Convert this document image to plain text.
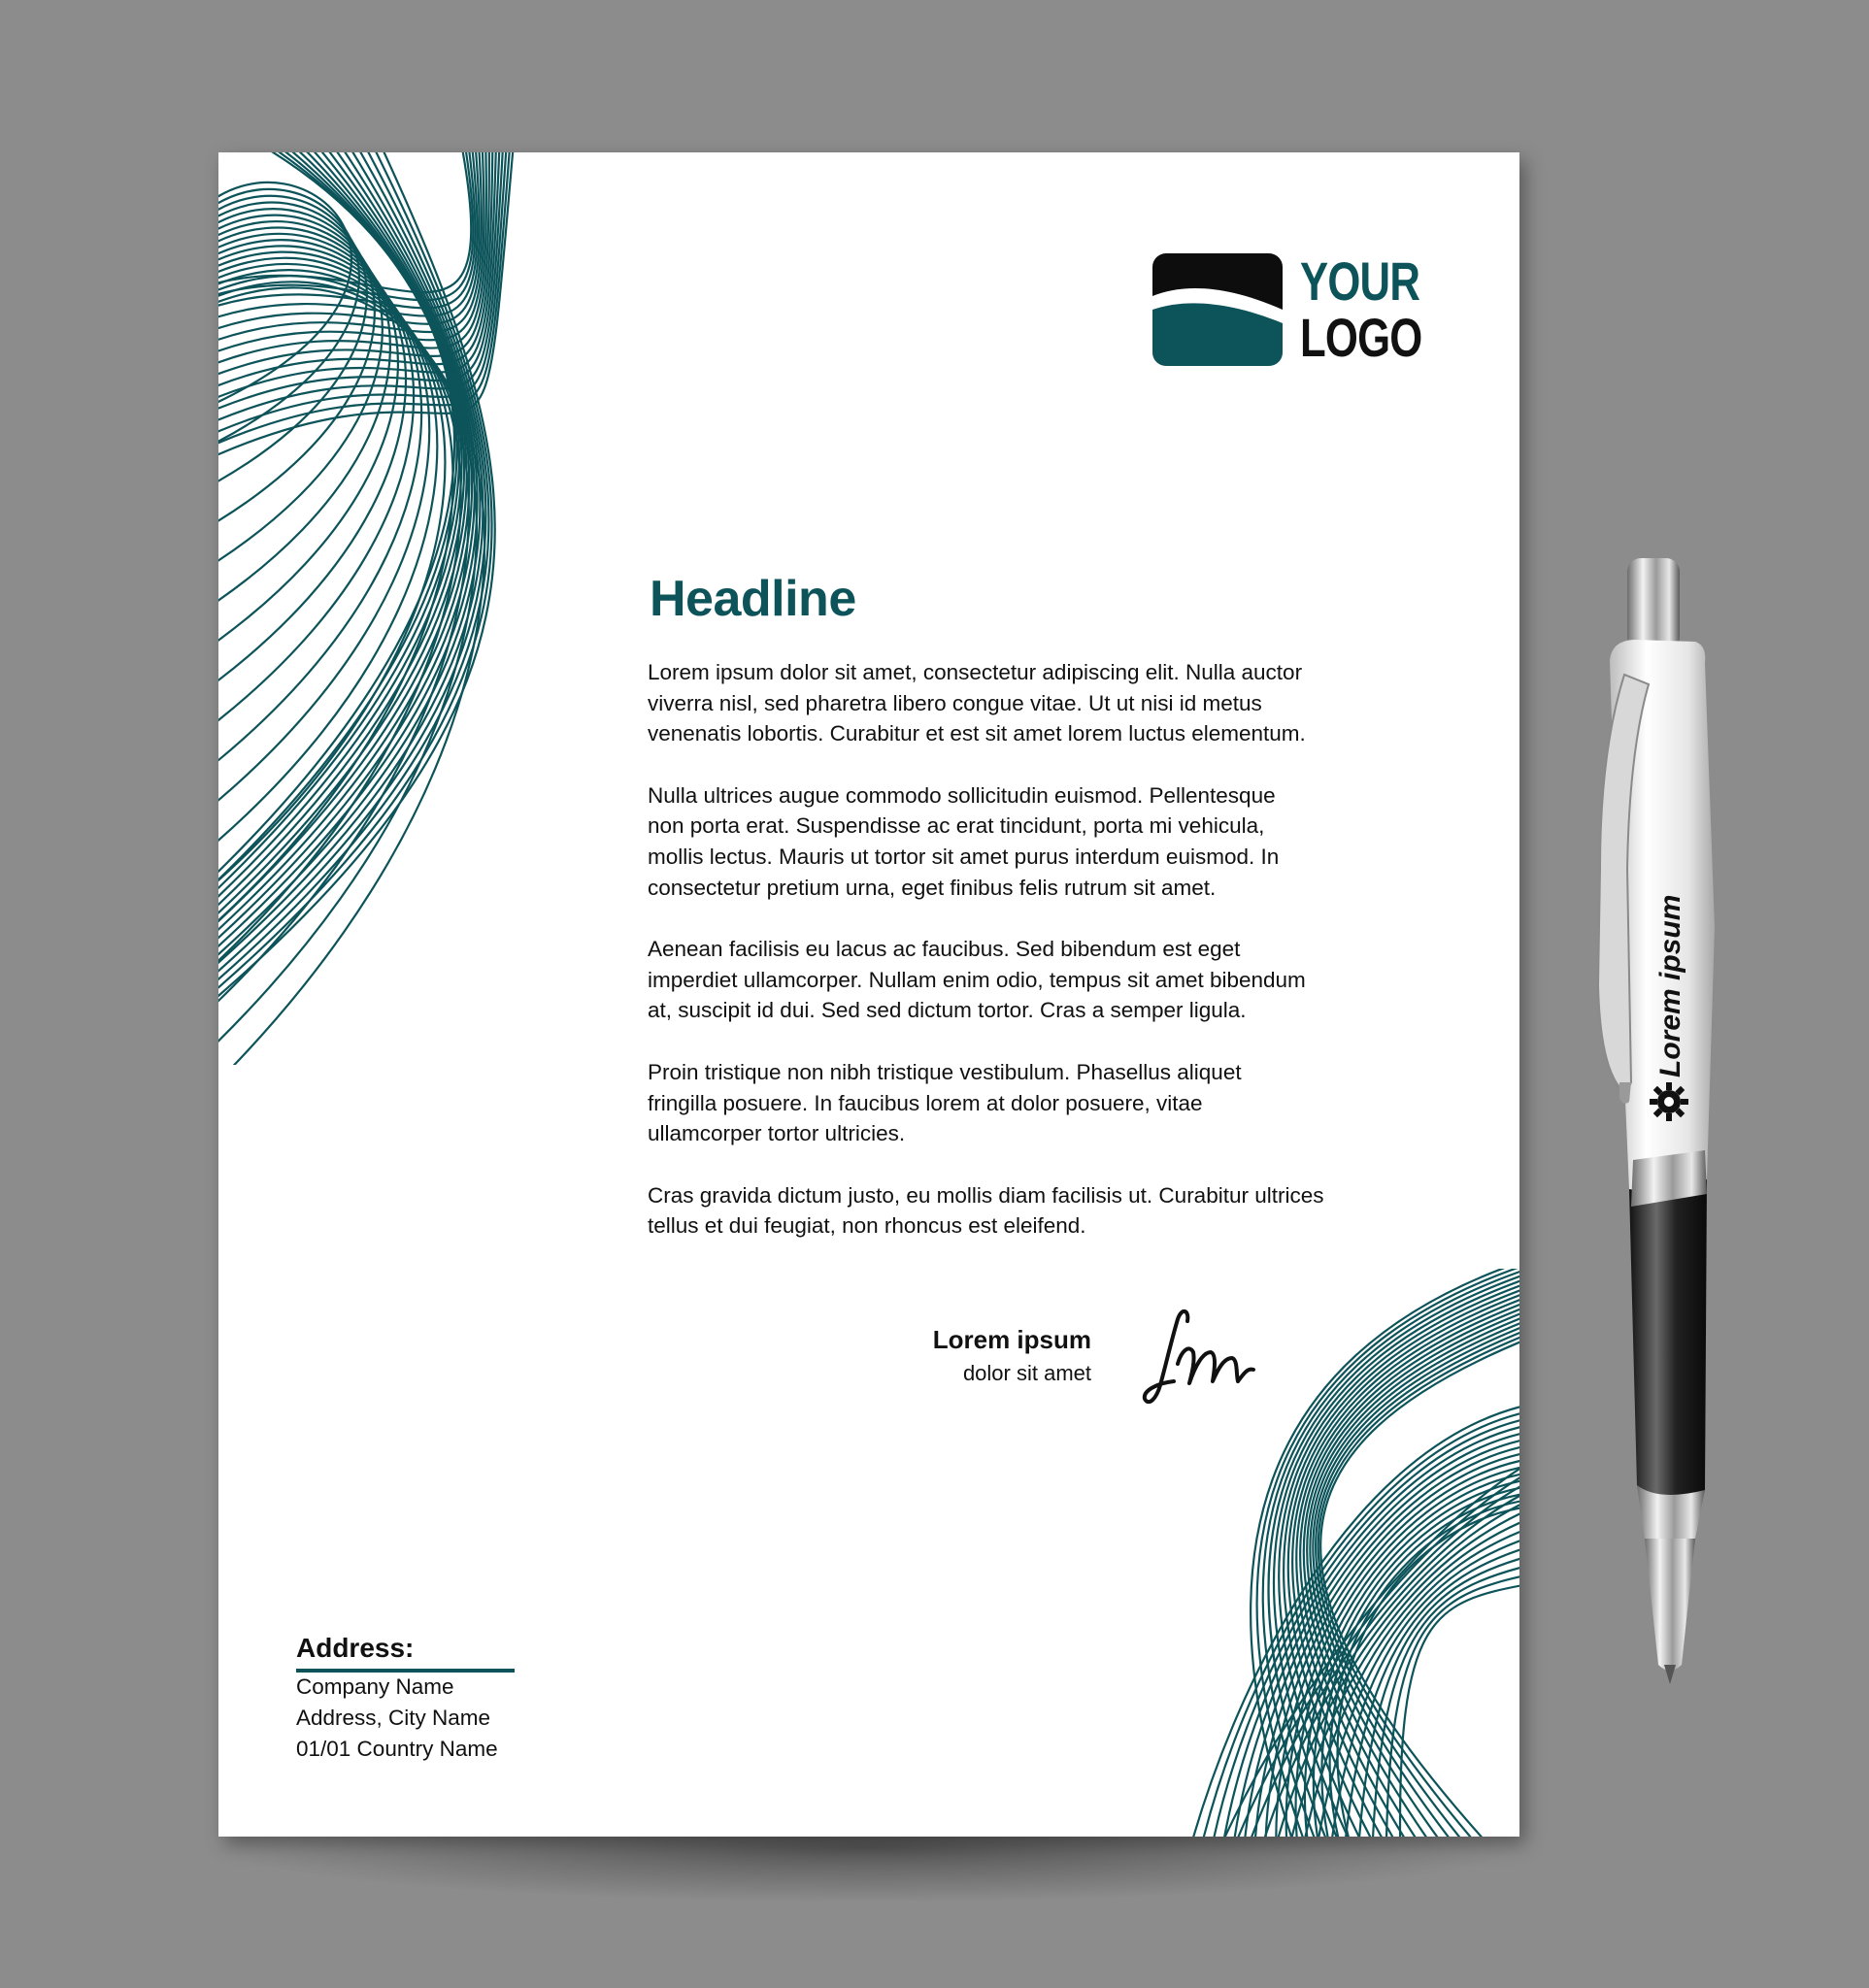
YOUR
LOGO
Headline

Lorem ipsum dolor sit amet, consectetur adipiscing elit. Nulla auctor
viverra nisl, sed pharetra libero congue vitae. Ut ut nisi id metus
venenatis lobortis. Curabitur et est sit amet lorem luctus elementum.

Nulla ultrices augue commodo sollicitudin euismod. Pellentesque
non porta erat. Suspendisse ac erat tincidunt, porta mi vehicula,
mollis lectus. Mauris ut tortor sit amet purus interdum euismod. In
consectetur pretium urna, eget finibus felis rutrum sit amet.

Aenean facilisis eu lacus ac faucibus. Sed bibendum est eget
imperdiet ullamcorper. Nullam enim odio, tempus sit amet bibendum
at, suscipit id dui. Sed sed dictum tortor. Cras a semper ligula.

Proin tristique non nibh tristique vestibulum. Phasellus aliquet
fringilla posuere. In faucibus lorem at dolor posuere, vitae
ullamcorper tortor ultricies.

Cras gravida dictum justo, eu mollis diam facilisis ut. Curabitur ultrices
tellus et dui feugiat, non rhoncus est eleifend.

Lorem ipsum
dolor sit amet
Address:
Company Name
Address, City Name
01/01 Country Name
Lorem ipsum
